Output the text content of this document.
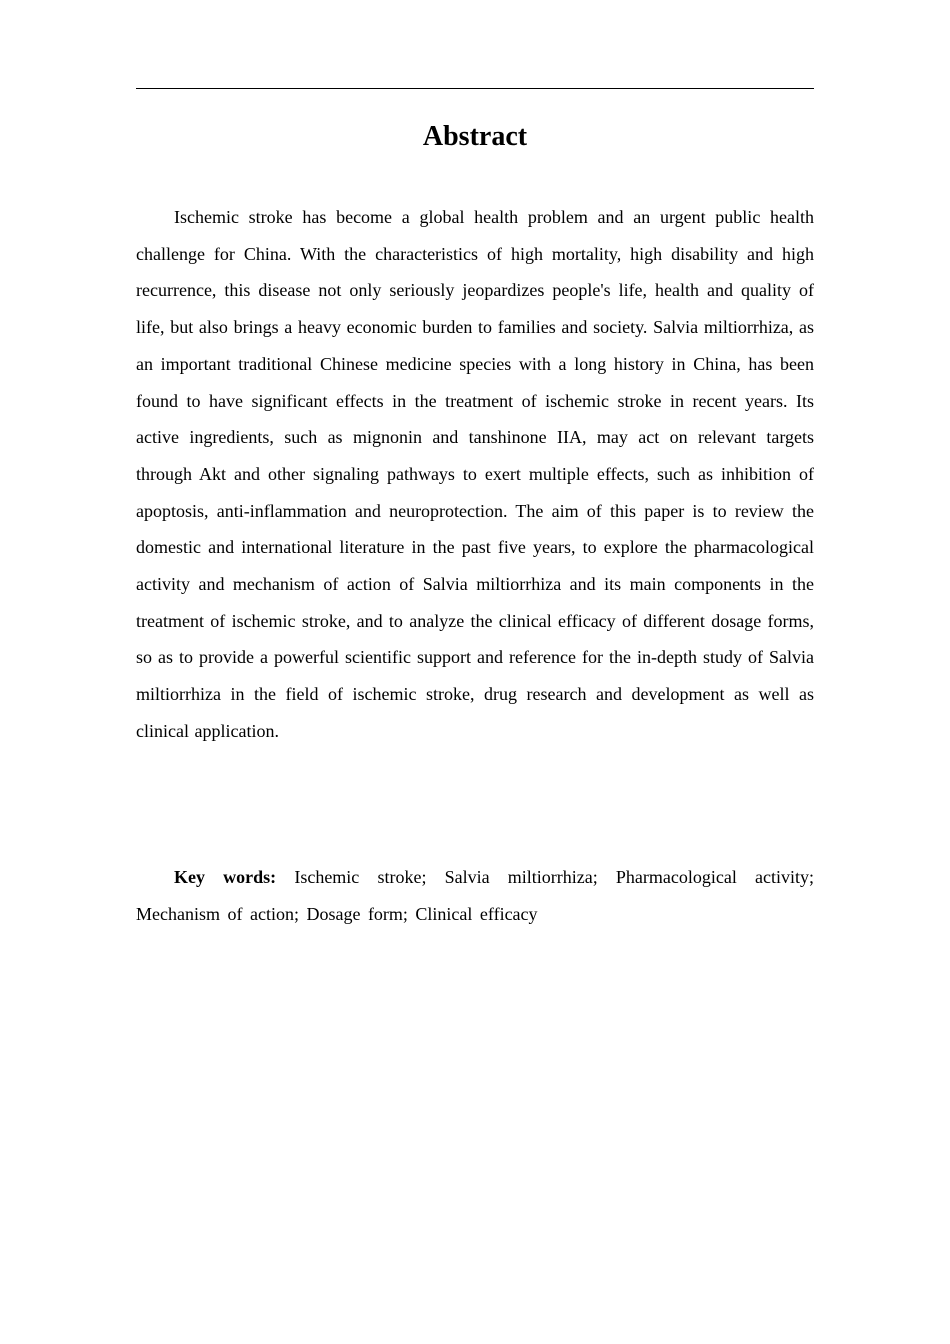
Abstract

Ischemic stroke has become a global health problem and an urgent public health challenge for China. With the characteristics of high mortality, high disability and high recurrence, this disease not only seriously jeopardizes people's life, health and quality of life, but also brings a heavy economic burden to families and society. Salvia miltiorrhiza, as an important traditional Chinese medicine species with a long history in China, has been found to have significant effects in the treatment of ischemic stroke in recent years. Its active ingredients, such as mignonin and tanshinone IIA, may act on relevant targets through Akt and other signaling pathways to exert multiple effects, such as inhibition of apoptosis, anti-inflammation and neuroprotection. The aim of this paper is to review the domestic and international literature in the past five years, to explore the pharmacological activity and mechanism of action of Salvia miltiorrhiza and its main components in the treatment of ischemic stroke, and to analyze the clinical efficacy of different dosage forms, so as to provide a powerful scientific support and reference for the in-depth study of Salvia miltiorrhiza in the field of ischemic stroke, drug research and development as well as clinical application.

Key words: Ischemic stroke; Salvia miltiorrhiza; Pharmacological activity; Mechanism of action; Dosage form; Clinical efficacy
